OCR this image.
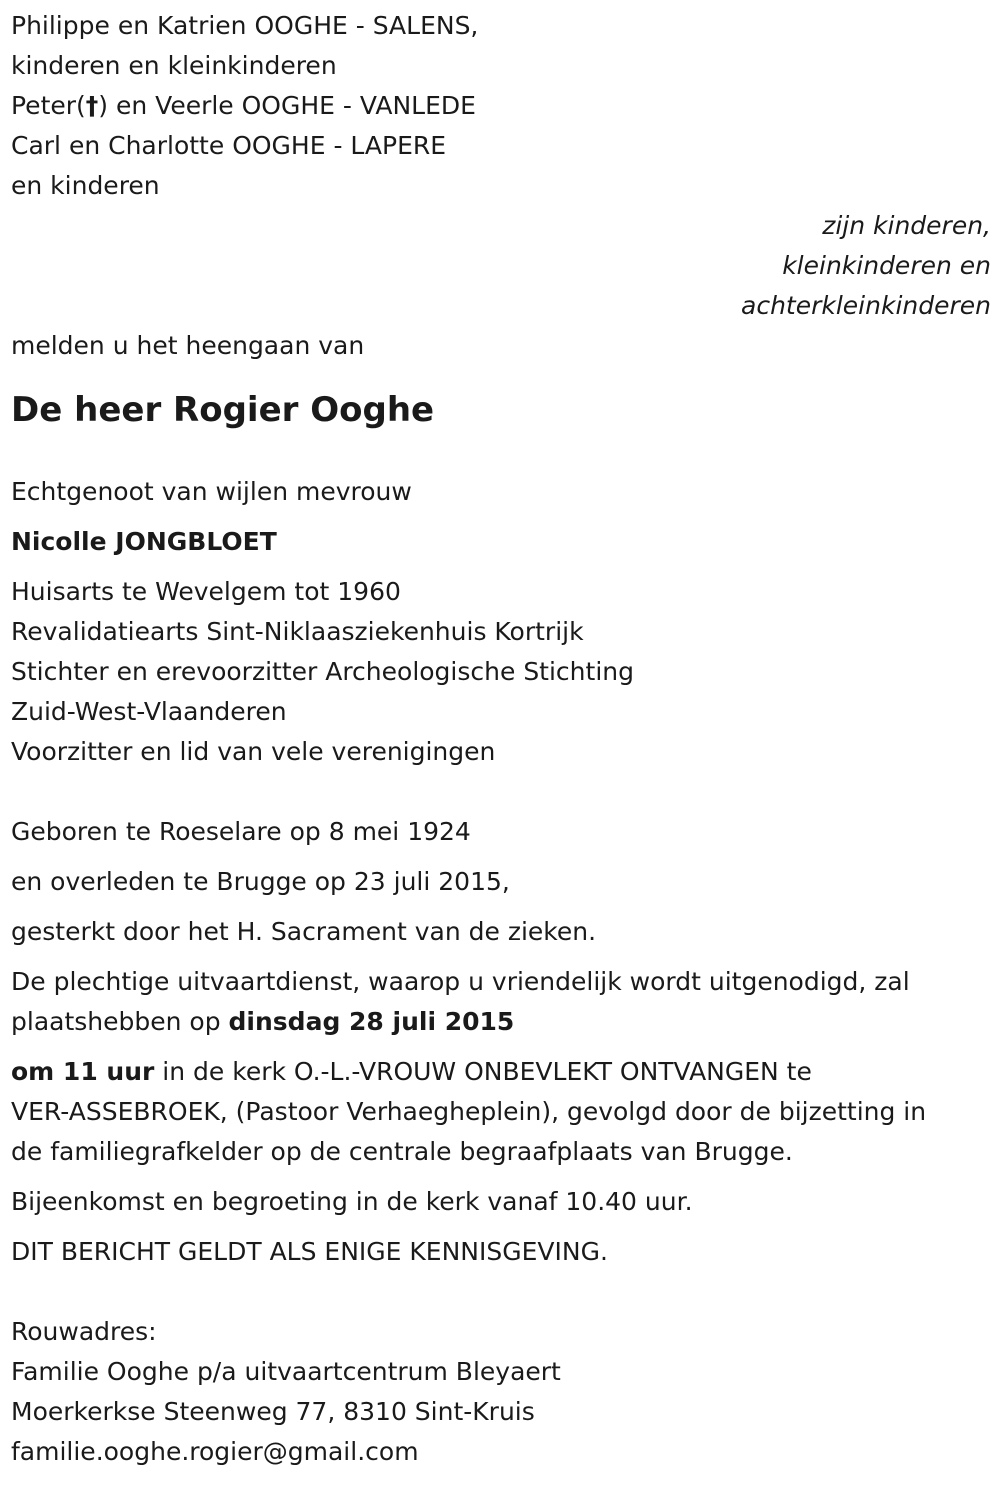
Philippe en Katrien OOGHE - SALENS,
kinderen en kleinkinderen
Peter(†) en Veerle OOGHE - VANLEDE
Carl en Charlotte OOGHE - LAPERE
en kinderen
zijn kinderen,
kleinkinderen en
achterkleinkinderen
melden u het heengaan van
De heer Rogier Ooghe
Echtgenoot van wijlen mevrouw
Nicolle JONGBLOET
Huisarts te Wevelgem tot 1960
Revalidatiearts Sint-Niklaasziekenhuis Kortrijk
Stichter en erevoorzitter Archeologische Stichting
Zuid-West-Vlaanderen
Voorzitter en lid van vele verenigingen
Geboren te Roeselare op 8 mei 1924
en overleden te Brugge op 23 juli 2015,
gesterkt door het H. Sacrament van de zieken.
De plechtige uitvaartdienst, waarop u vriendelijk wordt uitgenodigd, zal
plaatshebben op dinsdag 28 juli 2015
om 11 uur in de kerk O.-L.-VROUW ONBEVLEKT ONTVANGEN te
VER-ASSEBROEK, (Pastoor Verhaegheplein), gevolgd door de bijzetting in
de familiegrafkelder op de centrale begraafplaats van Brugge.
Bijeenkomst en begroeting in de kerk vanaf 10.40 uur.
DIT BERICHT GELDT ALS ENIGE KENNISGEVING.
Rouwadres:
Familie Ooghe p/a uitvaartcentrum Bleyaert
Moerkerkse Steenweg 77, 8310 Sint-Kruis
familie.ooghe.rogier@gmail.com
